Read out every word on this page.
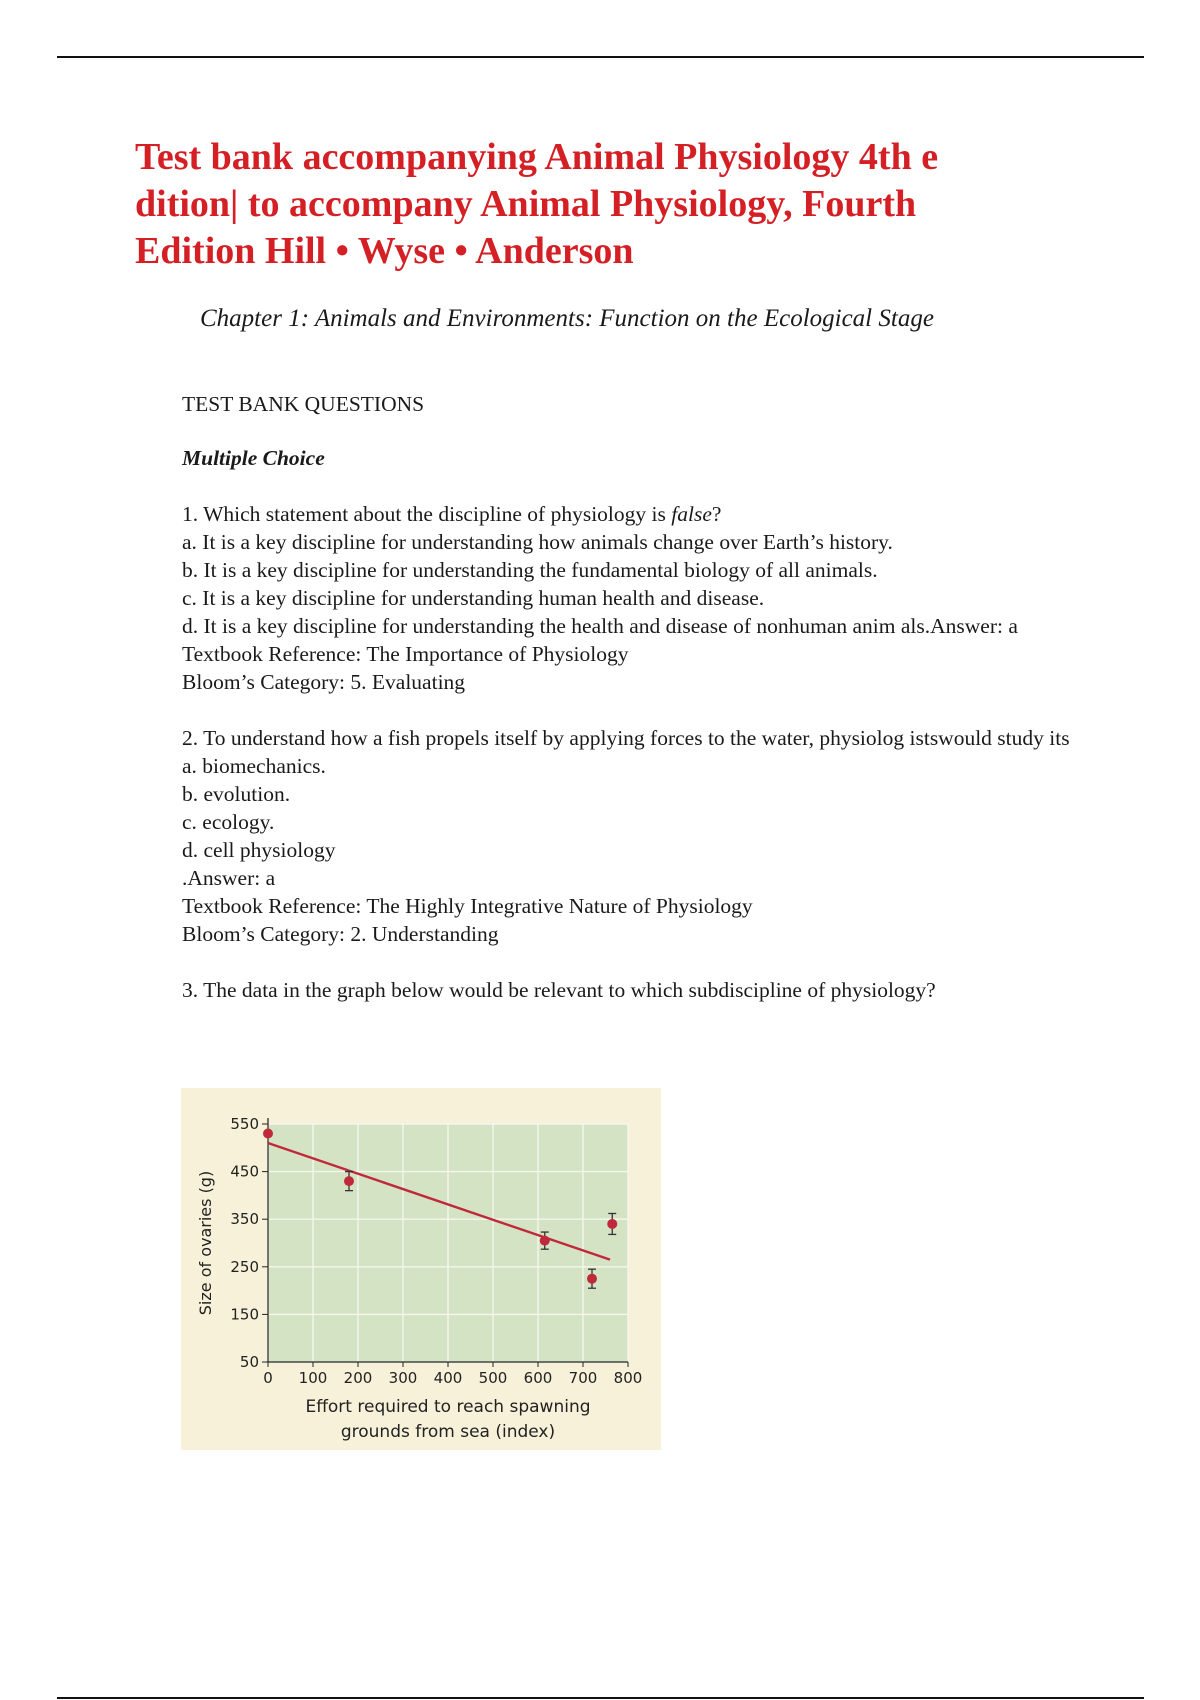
Test bank accompanying Animal Physiology 4th e dition| to accompany Animal Physiology, Fourth Edition Hill • Wyse • Anderson

Chapter 1: Animals and Environments: Function on the Ecological Stage

TEST BANK QUESTIONS

Multiple Choice

1. Which statement about the discipline of physiology is false?
a. It is a key discipline for understanding how animals change over Earth’s history.
b. It is a key discipline for understanding the fundamental biology of all animals.
c. It is a key discipline for understanding human health and disease.
d. It is a key discipline for understanding the health and disease of nonhuman anim als.Answer: a
Textbook Reference: The Importance of Physiology
Bloom’s Category: 5. Evaluating
2. To understand how a fish propels itself by applying forces to the water, physiolog istswould study its
a. biomechanics.
b. evolution.
c. ecology.
d. cell physiology
.Answer: a
Textbook Reference: The Highly Integrative Nature of Physiology
Bloom’s Category: 2. Understanding
3. The data in the graph below would be relevant to which subdiscipline of physiology?
50
150
250
350
450
550
0 100 200 300 400 500 600 700 800
Size of ovaries (g)
Effort required to reach spawning
grounds from sea (index)
